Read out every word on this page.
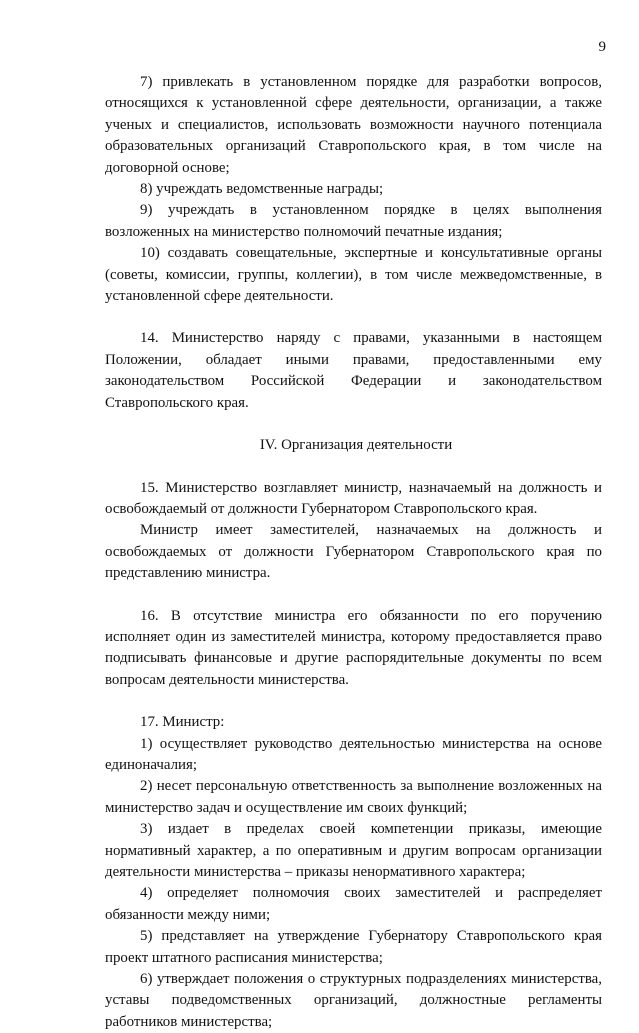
9

7) привлекать в установленном порядке для разработки вопросов, относящихся к установленной сфере деятельности, организации, а также ученых и специалистов, использовать возможности научного потенциала образовательных организаций Ставропольского края, в том числе на договорной основе;

8) учреждать ведомственные награды;

9) учреждать в установленном порядке в целях выполнения возложенных на министерство полномочий печатные издания;

10) создавать совещательные, экспертные и консультативные органы (советы, комиссии, группы, коллегии), в том числе межведомственные, в установленной сфере деятельности.

14. Министерство наряду с правами, указанными в настоящем Положении, обладает иными правами, предоставленными ему законодательством Российской Федерации и законодательством Ставропольского края.

IV. Организация деятельности

15. Министерство возглавляет министр, назначаемый на должность и освобождаемый от должности Губернатором Ставропольского края.

Министр имеет заместителей, назначаемых на должность и освобождаемых от должности Губернатором Ставропольского края по представлению министра.

16. В отсутствие министра его обязанности по его поручению исполняет один из заместителей министра, которому предоставляется право подписывать финансовые и другие распорядительные документы по всем вопросам деятельности министерства.

17. Министр:

1) осуществляет руководство деятельностью министерства на основе единоначалия;

2) несет персональную ответственность за выполнение возложенных на министерство задач и осуществление им своих функций;

3) издает в пределах своей компетенции приказы, имеющие нормативный характер, а по оперативным и другим вопросам организации деятельности министерства – приказы ненормативного характера;

4) определяет полномочия своих заместителей и распределяет обязанности между ними;

5) представляет на утверждение Губернатору Ставропольского края проект штатного расписания министерства;

6) утверждает положения о структурных подразделениях министерства, уставы подведомственных организаций, должностные регламенты работников министерства;
